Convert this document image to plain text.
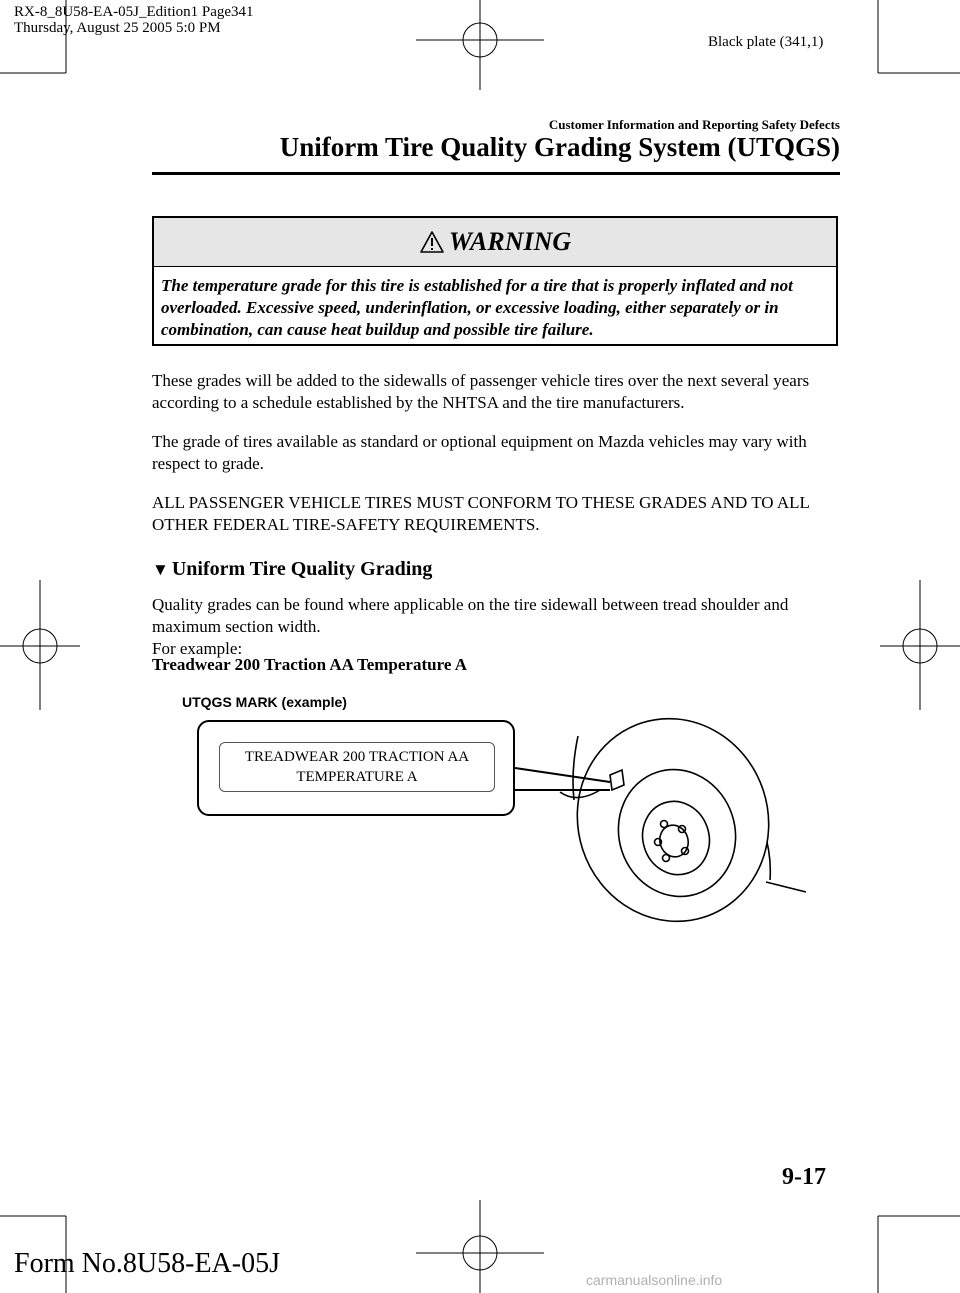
RX-8_8U58-EA-05J_Edition1 Page341
Thursday, August 25 2005 5:0 PM
Black plate (341,1)
Customer Information and Reporting Safety Defects
Uniform Tire Quality Grading System (UTQGS)
WARNING
The temperature grade for this tire is established for a tire that is properly inflated and not overloaded. Excessive speed, underinflation, or excessive loading, either separately or in combination, can cause heat buildup and possible tire failure.
These grades will be added to the sidewalls of passenger vehicle tires over the next several years according to a schedule established by the NHTSA and the tire manufacturers.
The grade of tires available as standard or optional equipment on Mazda vehicles may vary with respect to grade.
ALL PASSENGER VEHICLE TIRES MUST CONFORM TO THESE GRADES AND TO ALL OTHER FEDERAL TIRE-SAFETY REQUIREMENTS.
▼ Uniform Tire Quality Grading
Quality grades can be found where applicable on the tire sidewall between tread shoulder and maximum section width.
For example:
Treadwear 200 Traction AA Temperature A
UTQGS MARK (example)
TREADWEAR 200 TRACTION AA
TEMPERATURE A
9-17
Form No.8U58-EA-05J
carmanualsonline.info
